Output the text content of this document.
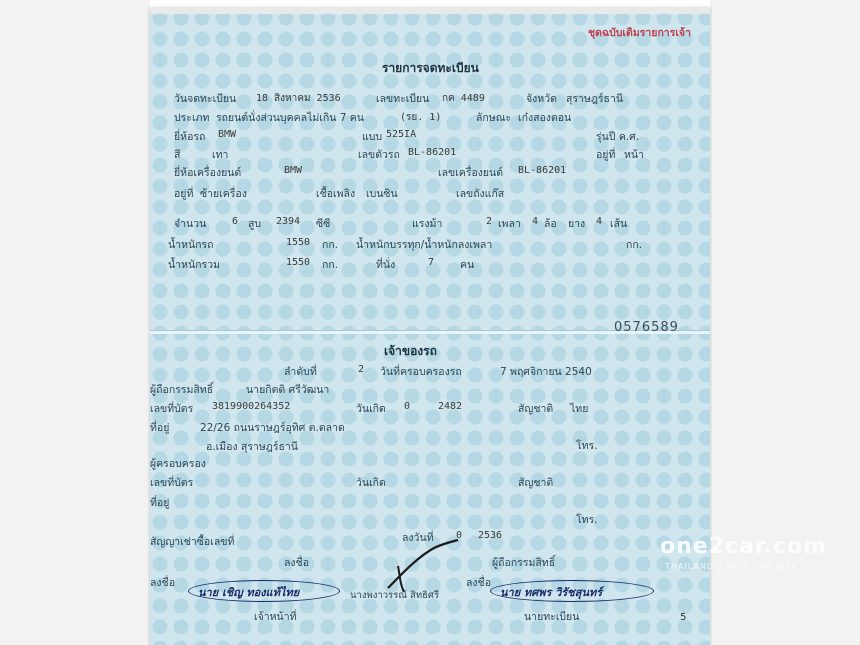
ชุดฉบับเดิมรายการเจ้า
รายการจดทะเบียน
วันจดทะเบียน 18 สิงหาคม 2536	เลขทะเบียน กค 4489	จังหวัด สุราษฎร์ธานี
ประเภท รถยนต์นั่งส่วนบุคคลไม่เกิน 7 คน	(รย. 1)	ลักษณะ เก๋งสองตอน
ยี่ห้อรถ BMW	แบบ 525IA	รุ่นปี ค.ศ.
สี	เทา	เลขตัวรถ BL-86201	อยู่ที่ หน้า
ยี่ห้อเครื่องยนต์	BMW	เลขเครื่องยนต์ BL-86201
อยู่ที่ ซ้ายเครื่อง	เชื้อเพลิง เบนซิน	เลขถังแก๊ส
จำนวน	6 สูบ 2394 ซีซี	แรงม้า	2 เพลา 4 ล้อ ยาง 4 เส้น
น้ำหนักรถ	1550 กก. น้ำหนักบรรทุก/น้ำหนักลงเพลา	กก.
น้ำหนักรวม	1550 กก.	ที่นั่ง	7 คน
0576589
เจ้าของรถ
ลำดับที่	2 วันที่ครอบครองรถ	7 พฤศจิกายน 2540
ผู้ถือกรรมสิทธิ์	นายกิตติ ศรีวัฒนา
เลขที่บัตร 3819900264352	วันเกิด 0	2482	สัญชาติ ไทย
ที่อยู่	22/26 ถนนราษฎร์อุทิศ ต.ตลาด
อ.เมือง สุราษฎร์ธานี	โทร.
ผู้ครอบครอง
เลขที่บัตร	วันเกิด	สัญชาติ
ที่อยู่
โทร.
สัญญาเช่าซื้อเลขที่	ลงวันที่ 0 2536
ลงชื่อ	ผู้ถือกรรมสิทธิ์
ลงชื่อ
นาย เชิญ ทองแท้ไทย
เจ้าหน้าที่
นางพงาวรรณ์ สิทธิศรี
ลงชื่อ
นาย ทศพร วิรัชสุนทร์
นายทะเบียน	5
one2car.com
THAILAND'S No.1 CAR SITE
